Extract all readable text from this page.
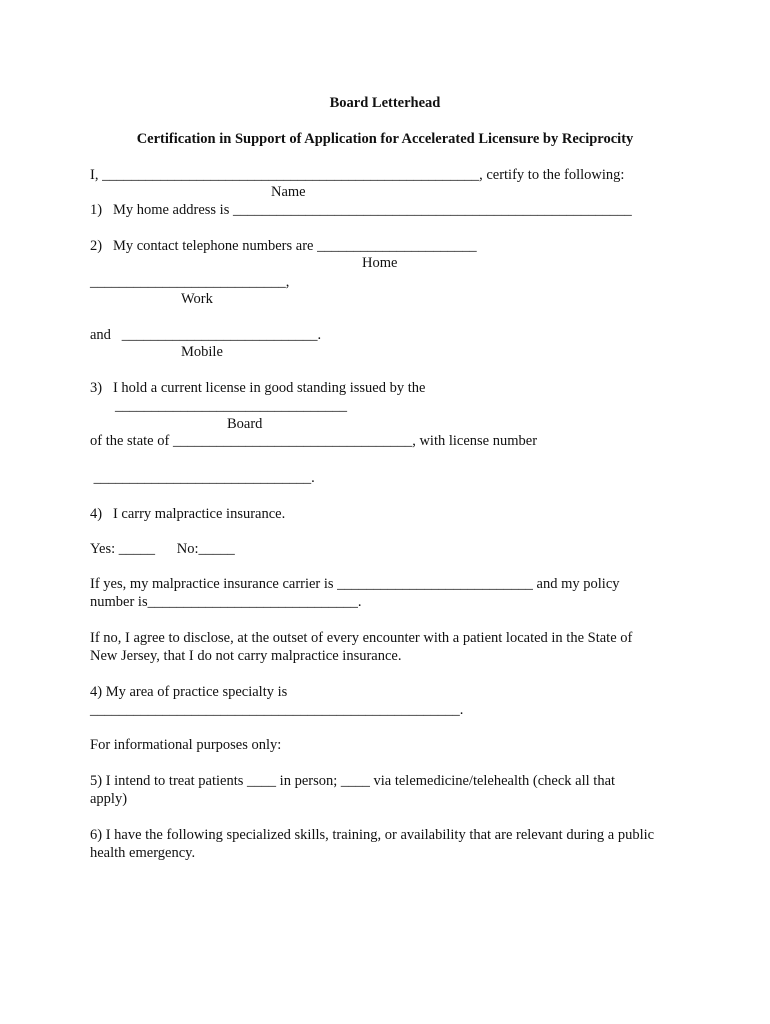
Board Letterhead
Certification in Support of Application for Accelerated Licensure by Reciprocity
I, ____________________________________________________, certify to the following:
Name
1)   My home address is _______________________________________________________
2)   My contact telephone numbers are ______________________
Home
___________________________,
Work
and   ___________________________.
Mobile
3)   I hold a current license in good standing issued by the
________________________________
Board
of the state of _________________________________, with license number
______________________________.
4)   I carry malpractice insurance.
Yes: _____      No:_____
If yes, my malpractice insurance carrier is ___________________________ and my policy
number is_____________________________.
If no, I agree to disclose, at the outset of every encounter with a patient located in the State of
New Jersey, that I do not carry malpractice insurance.
4) My area of practice specialty is
___________________________________________________.
For informational purposes only:
5) I intend to treat patients ____ in person; ____ via telemedicine/telehealth (check all that
apply)
6) I have the following specialized skills, training, or availability that are relevant during a public
health emergency.
